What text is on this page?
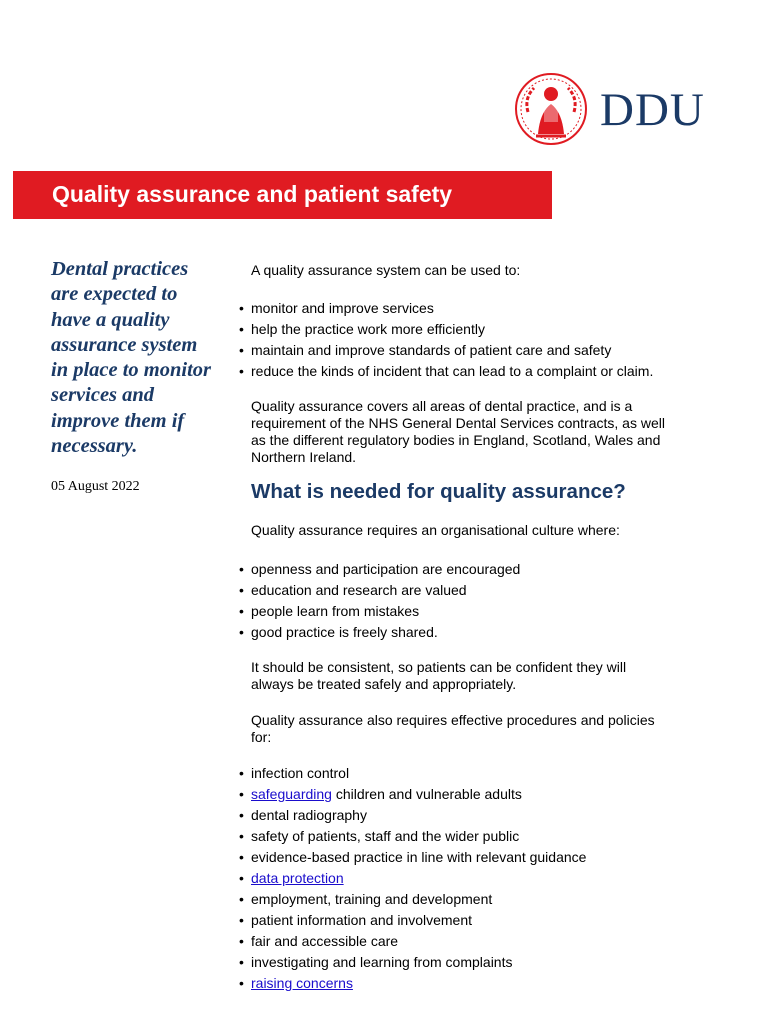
DDU
Quality assurance and patient safety
Dental practices
are expected to
have a quality
assurance system
in place to monitor
services and
improve them if
necessary.
05 August 2022

A quality assurance system can be used to:

• monitor and improve services
• help the practice work more efficiently
• maintain and improve standards of patient care and safety
• reduce the kinds of incident that can lead to a complaint or claim.

Quality assurance covers all areas of dental practice, and is a
requirement of the NHS General Dental Services contracts, as well
as the different regulatory bodies in England, Scotland, Wales and
Northern Ireland.

What is needed for quality assurance?

Quality assurance requires an organisational culture where:

• openness and participation are encouraged
• education and research are valued
• people learn from mistakes
• good practice is freely shared.

It should be consistent, so patients can be confident they will
always be treated safely and appropriately.

Quality assurance also requires effective procedures and policies
for:

• infection control
• safeguarding children and vulnerable adults
• dental radiography
• safety of patients, staff and the wider public
• evidence-based practice in line with relevant guidance
• data protection
• employment, training and development
• patient information and involvement
• fair and accessible care
• investigating and learning from complaints
• raising concerns
